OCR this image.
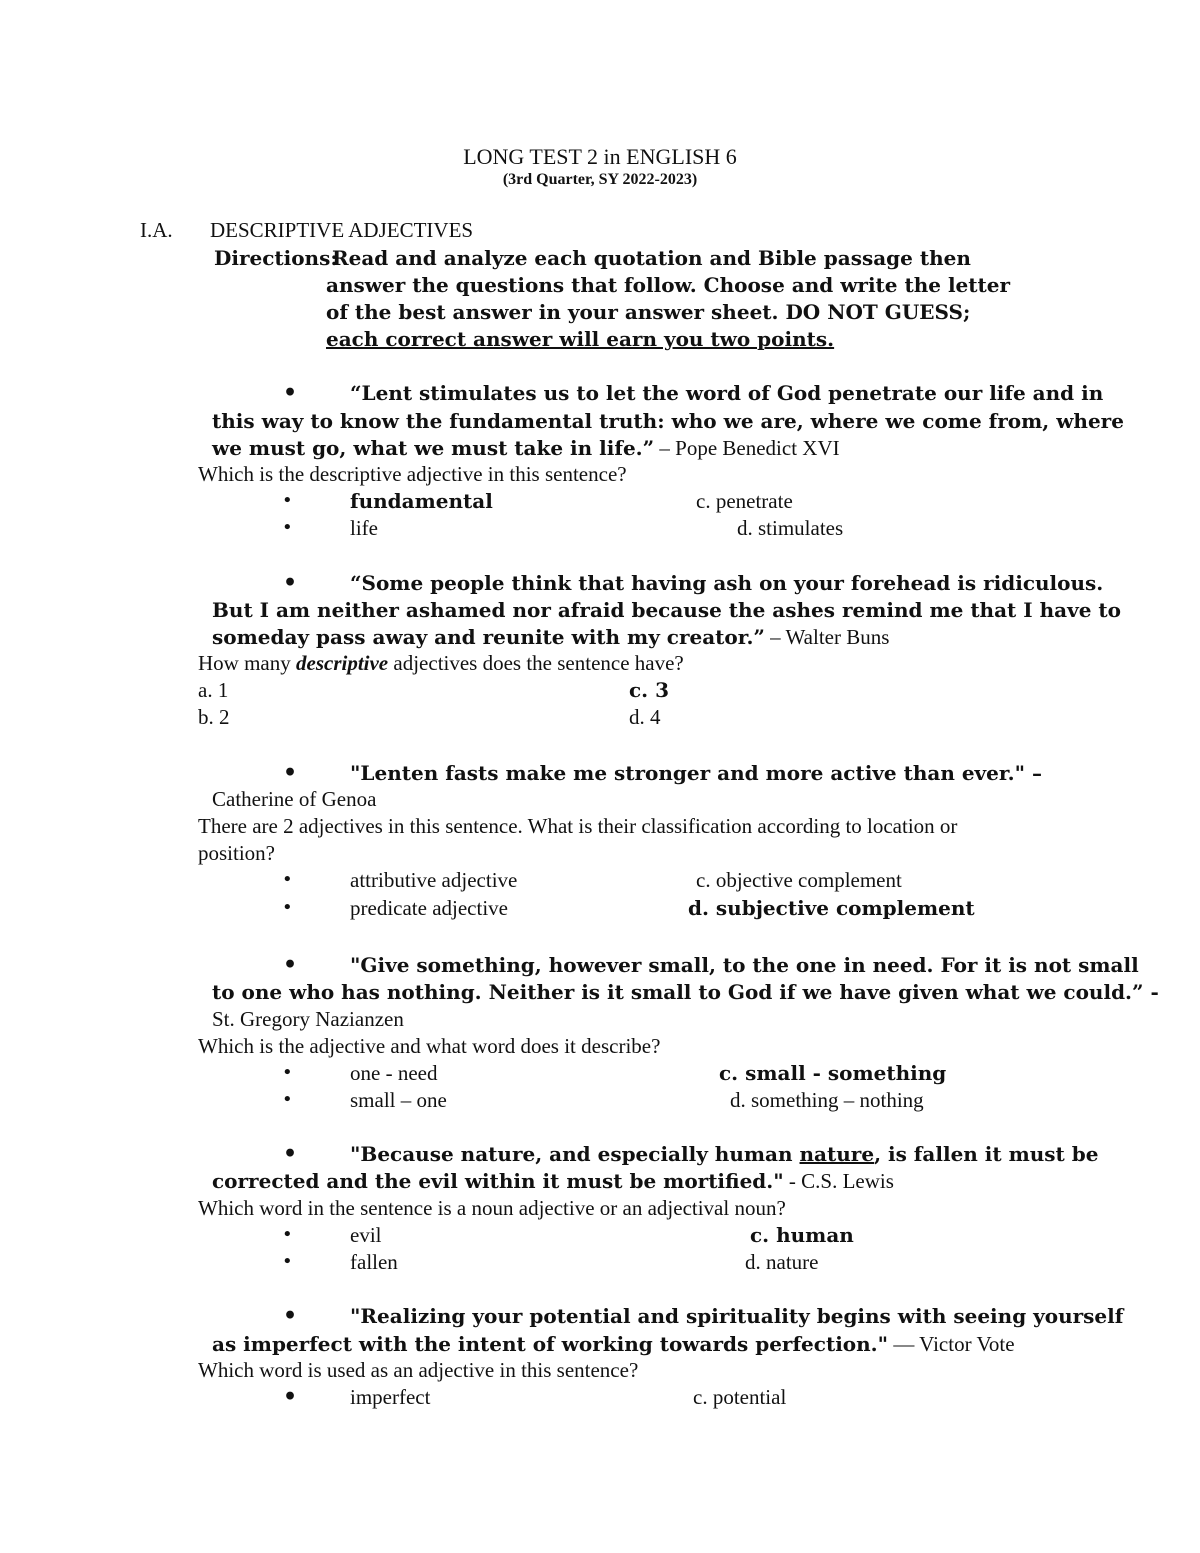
LONG TEST 2 in ENGLISH 6
(3rd Quarter, SY 2022-2023)
I.A. DESCRIPTIVE ADJECTIVES
Directions:
Read and analyze each quotation and Bible passage then
answer the questions that follow. Choose and write the letter
of the best answer in your answer sheet. DO NOT GUESS;
each correct answer will earn you two points.
•	“Lent stimulates us to let the word of God penetrate our life and in
this way to know the fundamental truth: who we are, where we come from, where
we must go, what we must take in life.” – Pope Benedict XVI
Which is the descriptive adjective in this sentence?
•	fundamental	c. penetrate
•	life	d. stimulates
•	“Some people think that having ash on your forehead is ridiculous.
But I am neither ashamed nor afraid because the ashes remind me that I have to
someday pass away and reunite with my creator.” – Walter Buns
How many descriptive adjectives does the sentence have?
a. 1	c. 3
b. 2	d. 4
•	"Lenten fasts make me stronger and more active than ever." –
Catherine of Genoa
There are 2 adjectives in this sentence. What is their classification according to location or
position?
•	attributive adjective	c. objective complement
•	predicate adjective	d. subjective complement
•	"Give something, however small, to the one in need. For it is not small
to one who has nothing. Neither is it small to God if we have given what we could.” -
St. Gregory Nazianzen
Which is the adjective and what word does it describe?
•	one - need	c. small - something
•	small – one	d. something – nothing
•	"Because nature, and especially human nature, is fallen it must be
corrected and the evil within it must be mortified." - C.S. Lewis
Which word in the sentence is a noun adjective or an adjectival noun?
•	evil	c. human
•	fallen	d. nature
•	"Realizing your potential and spirituality begins with seeing yourself
as imperfect with the intent of working towards perfection." ― Victor Vote
Which word is used as an adjective in this sentence?
•	imperfect	c. potential
